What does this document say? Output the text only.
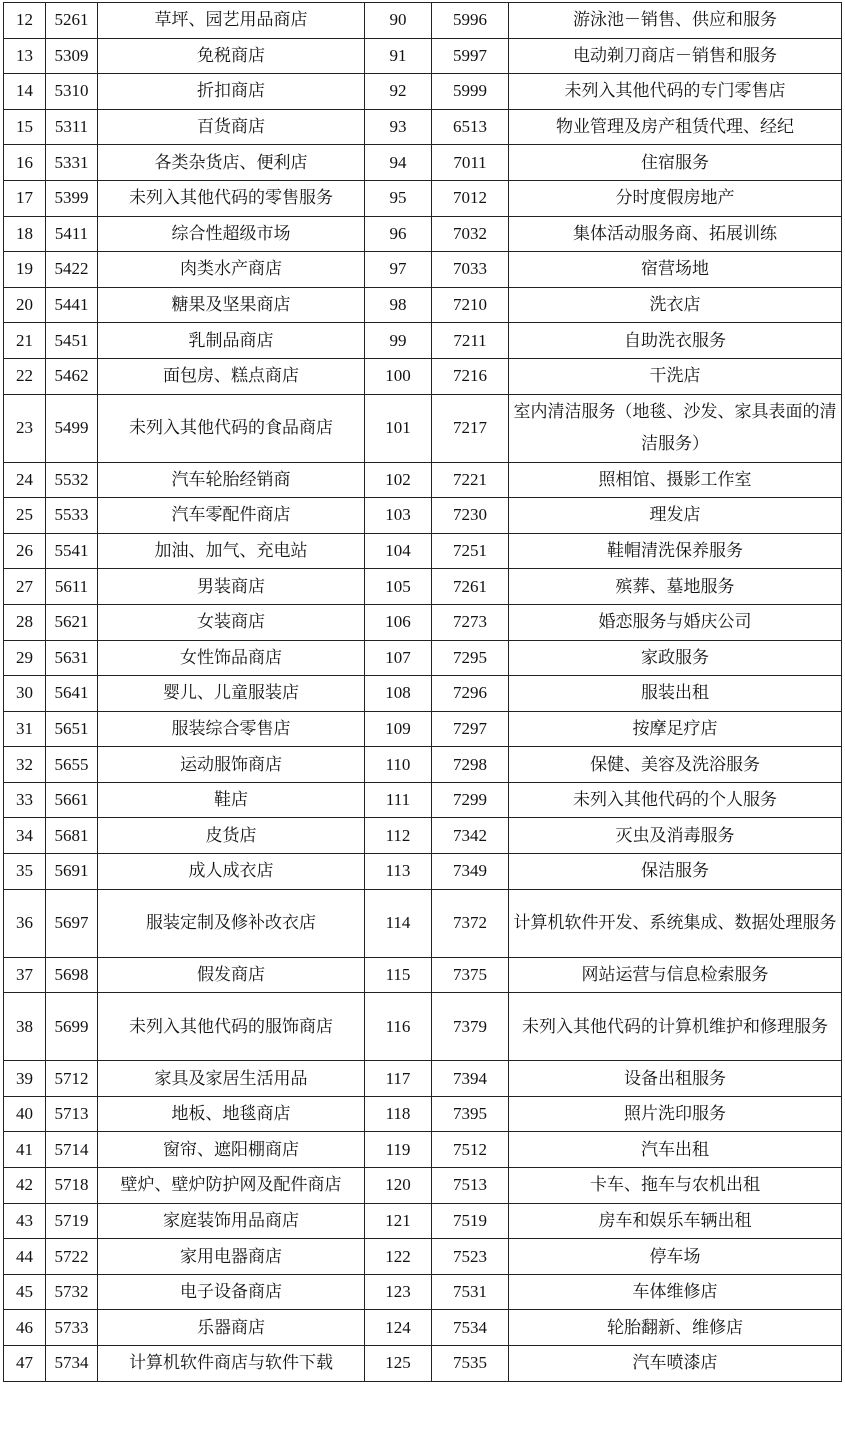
12	5261	草坪、园艺用品商店	90	5996	游泳池－销售、供应和服务
13	5309	免税商店	91	5997	电动剃刀商店－销售和服务
14	5310	折扣商店	92	5999	未列入其他代码的专门零售店
15	5311	百货商店	93	6513	物业管理及房产租赁代理、经纪
16	5331	各类杂货店、便利店	94	7011	住宿服务
17	5399	未列入其他代码的零售服务	95	7012	分时度假房地产
18	5411	综合性超级市场	96	7032	集体活动服务商、拓展训练
19	5422	肉类水产商店	97	7033	宿营场地
20	5441	糖果及坚果商店	98	7210	洗衣店
21	5451	乳制品商店	99	7211	自助洗衣服务
22	5462	面包房、糕点商店	100	7216	干洗店
23	5499	未列入其他代码的食品商店	101	7217	室内清洁服务（地毯、沙发、家具表面的清洁服务）
24	5532	汽车轮胎经销商	102	7221	照相馆、摄影工作室
25	5533	汽车零配件商店	103	7230	理发店
26	5541	加油、加气、充电站	104	7251	鞋帽清洗保养服务
27	5611	男装商店	105	7261	殡葬、墓地服务
28	5621	女装商店	106	7273	婚恋服务与婚庆公司
29	5631	女性饰品商店	107	7295	家政服务
30	5641	婴儿、儿童服装店	108	7296	服装出租
31	5651	服装综合零售店	109	7297	按摩足疗店
32	5655	运动服饰商店	110	7298	保健、美容及洗浴服务
33	5661	鞋店	111	7299	未列入其他代码的个人服务
34	5681	皮货店	112	7342	灭虫及消毒服务
35	5691	成人成衣店	113	7349	保洁服务
36	5697	服装定制及修补改衣店	114	7372	计算机软件开发、系统集成、数据处理服务
37	5698	假发商店	115	7375	网站运营与信息检索服务
38	5699	未列入其他代码的服饰商店	116	7379	未列入其他代码的计算机维护和修理服务
39	5712	家具及家居生活用品	117	7394	设备出租服务
40	5713	地板、地毯商店	118	7395	照片洗印服务
41	5714	窗帘、遮阳棚商店	119	7512	汽车出租
42	5718	壁炉、壁炉防护网及配件商店	120	7513	卡车、拖车与农机出租
43	5719	家庭装饰用品商店	121	7519	房车和娱乐车辆出租
44	5722	家用电器商店	122	7523	停车场
45	5732	电子设备商店	123	7531	车体维修店
46	5733	乐器商店	124	7534	轮胎翻新、维修店
47	5734	计算机软件商店与软件下载	125	7535	汽车喷漆店
